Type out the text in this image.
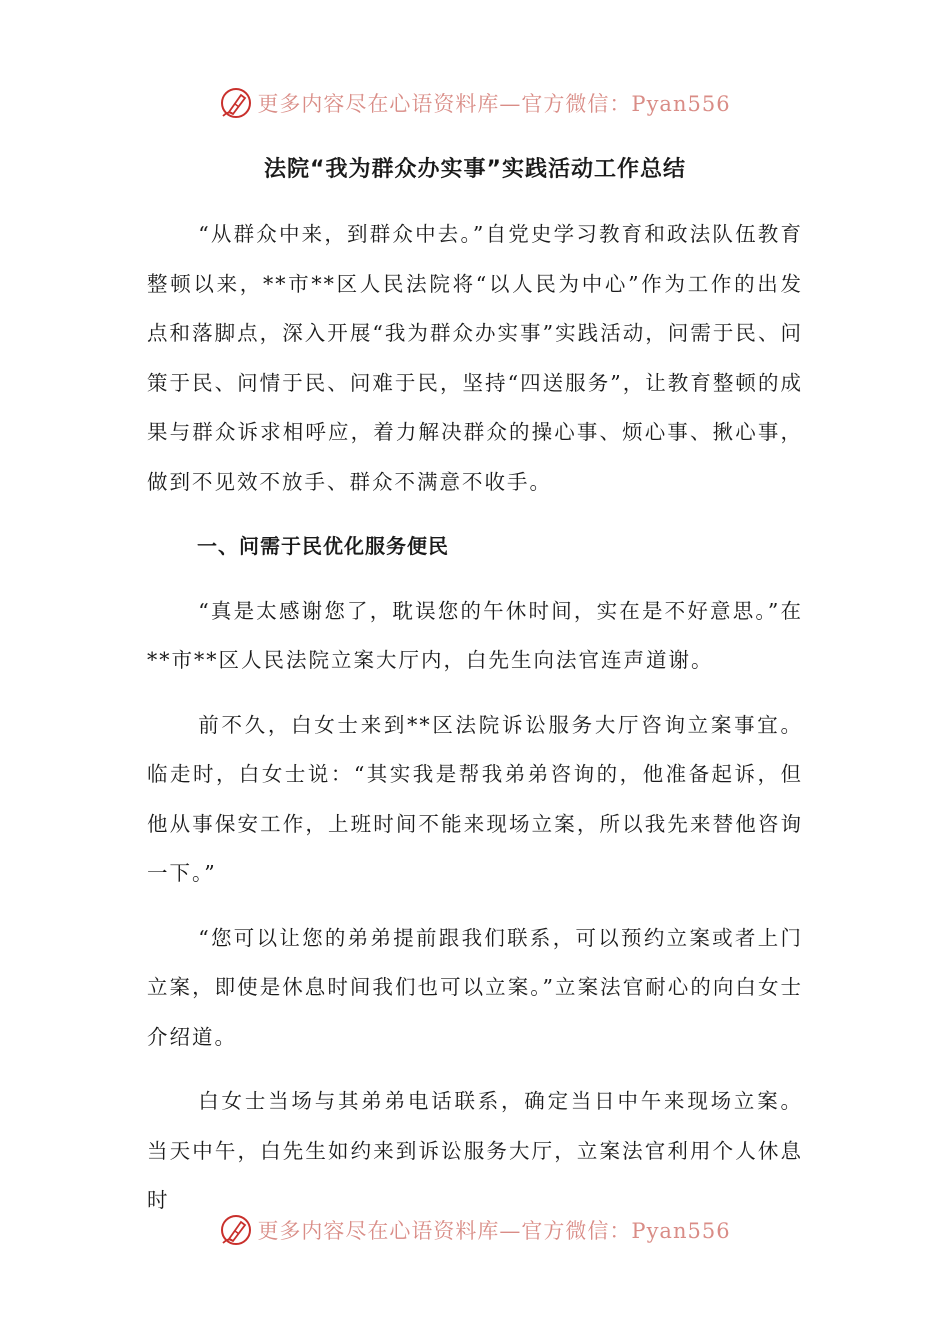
更多内容尽在心语资料库—官方微信：Pyan556
法院“我为群众办实事”实践活动工作总结

“从群众中来，到群众中去。”自党史学习教育和政法队伍教育整顿以来，**市**区人民法院将“以人民为中心”作为工作的出发点和落脚点，深入开展“我为群众办实事”实践活动，问需于民、问策于民、问情于民、问难于民，坚持“四送服务”，让教育整顿的成果与群众诉求相呼应，着力解决群众的操心事、烦心事、揪心事，做到不见效不放手、群众不满意不收手。

一、问需于民优化服务便民

“真是太感谢您了，耽误您的午休时间，实在是不好意思。”在**市**区人民法院立案大厅内，白先生向法官连声道谢。

前不久，白女士来到**区法院诉讼服务大厅咨询立案事宜。临走时，白女士说：“其实我是帮我弟弟咨询的，他准备起诉，但他从事保安工作，上班时间不能来现场立案，所以我先来替他咨询一下。”

“您可以让您的弟弟提前跟我们联系，可以预约立案或者上门立案，即使是休息时间我们也可以立案。”立案法官耐心的向白女士介绍道。

白女士当场与其弟弟电话联系，确定当日中午来现场立案。当天中午，白先生如约来到诉讼服务大厅，立案法官利用个人休息时

更多内容尽在心语资料库—官方微信：Pyan556
